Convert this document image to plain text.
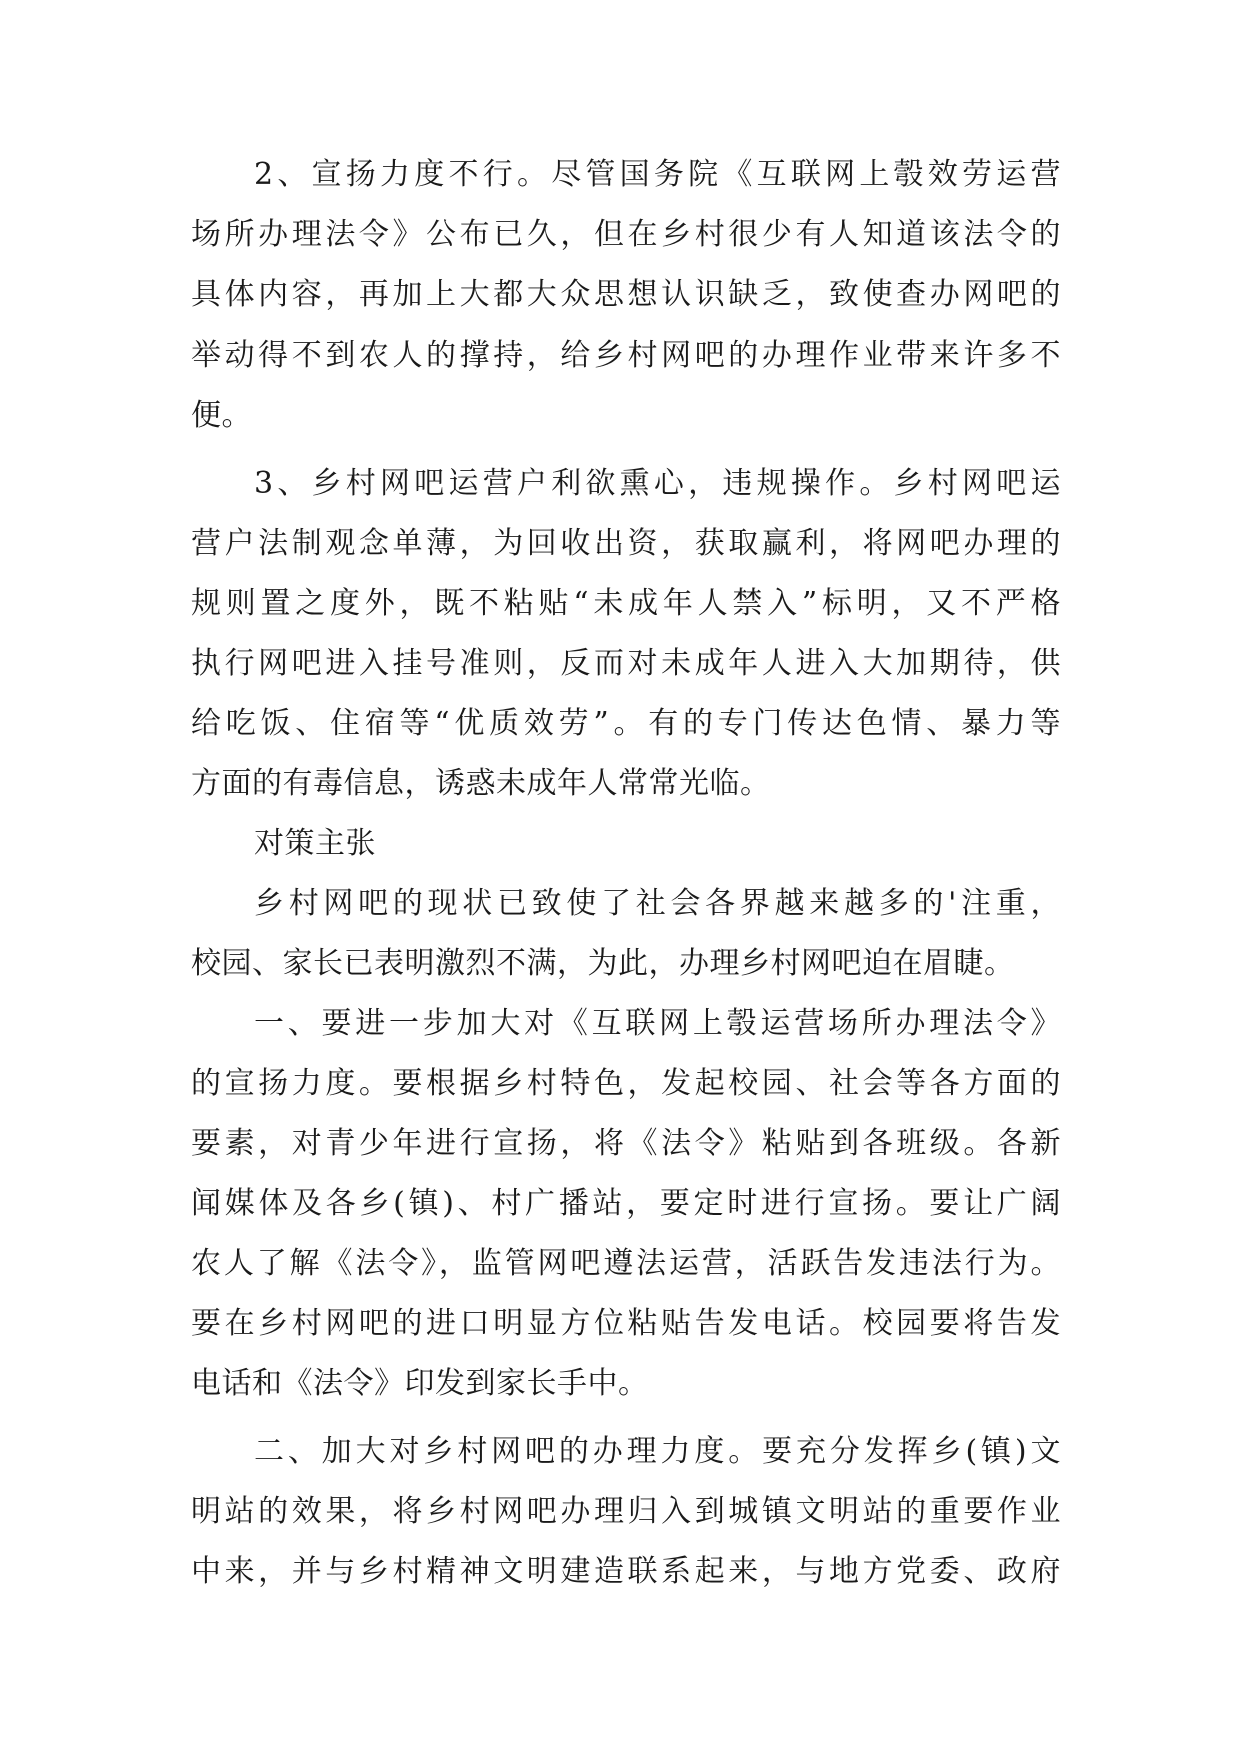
2、宣扬力度不行。尽管国务院《互联网上彀效劳运营
场所办理法令》公布已久，但在乡村很少有人知道该法令的
具体内容，再加上大都大众思想认识缺乏，致使查办网吧的
举动得不到农人的撑持，给乡村网吧的办理作业带来许多不
便。
3、乡村网吧运营户利欲熏心，违规操作。乡村网吧运
营户法制观念单薄，为回收出资，获取赢利，将网吧办理的
规则置之度外，既不粘贴“未成年人禁入”标明，又不严格
执行网吧进入挂号准则，反而对未成年人进入大加期待，供
给吃饭、住宿等“优质效劳”。有的专门传达色情、暴力等
方面的有毒信息，诱惑未成年人常常光临。
对策主张
乡村网吧的现状已致使了社会各界越来越多的'注重，
校园、家长已表明激烈不满，为此，办理乡村网吧迫在眉睫。
一、要进一步加大对《互联网上彀运营场所办理法令》
的宣扬力度。要根据乡村特色，发起校园、社会等各方面的
要素，对青少年进行宣扬，将《法令》粘贴到各班级。各新
闻媒体及各乡(镇)、村广播站，要定时进行宣扬。要让广阔
农人了解《法令》，监管网吧遵法运营，活跃告发违法行为。
要在乡村网吧的进口明显方位粘贴告发电话。校园要将告发
电话和《法令》印发到家长手中。
二、加大对乡村网吧的办理力度。要充分发挥乡(镇)文
明站的效果，将乡村网吧办理归入到城镇文明站的重要作业
中来，并与乡村精神文明建造联系起来，与地方党委、政府
